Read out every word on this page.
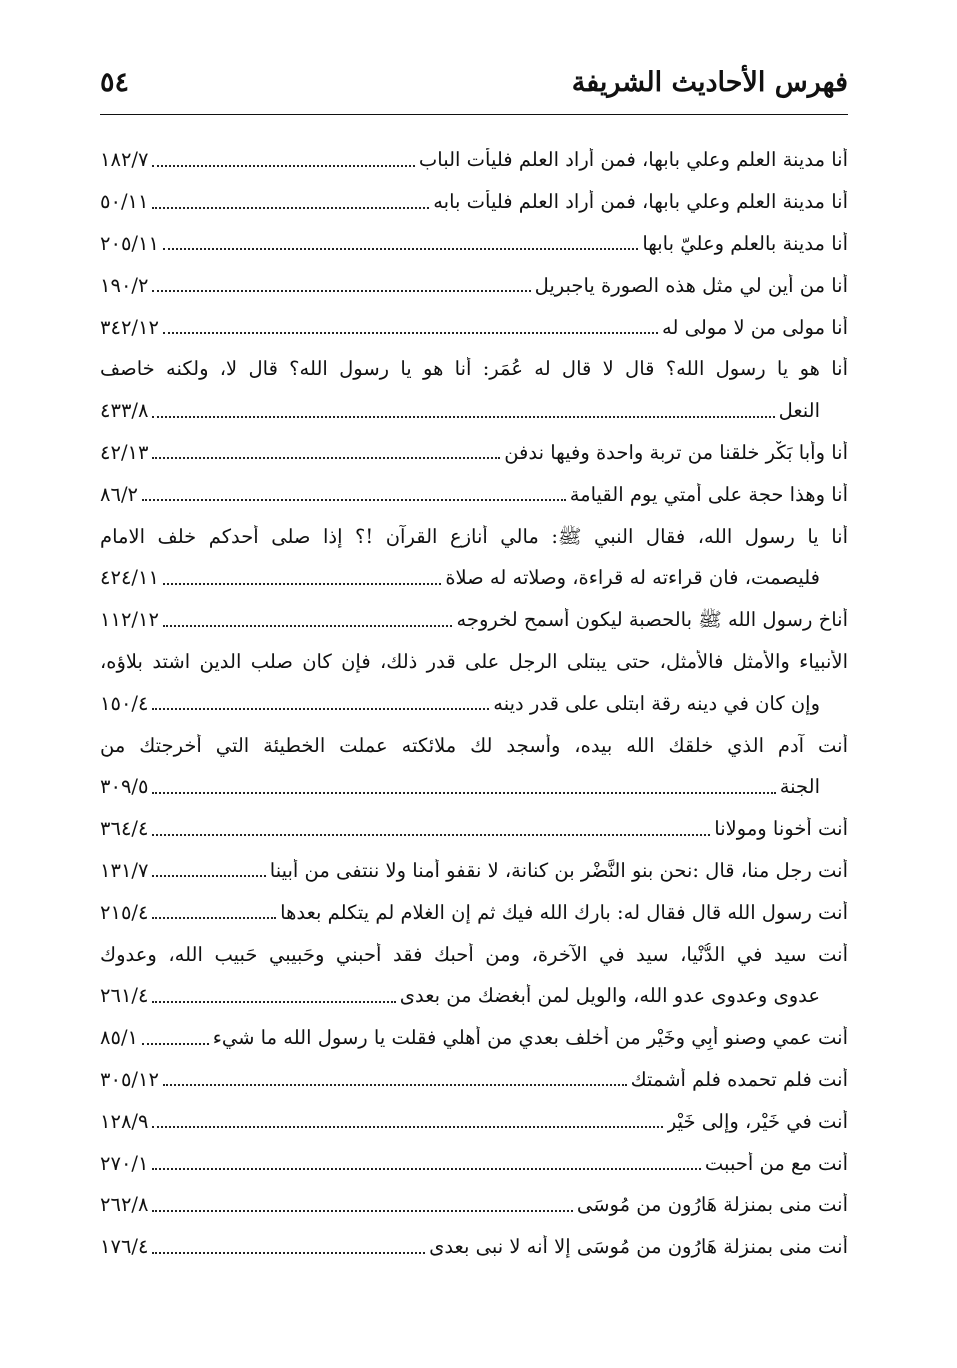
فهرس الأحاديث الشريفة
٥٤
أنا مدينة العلم وعلي بابها، فمن أراد العلم فليأت الباب
١٨٢/٧
أنا مدينة العلم وعلي بابها، فمن أراد العلم فليأت بابه
٥٠/١١
أنا مدينة بالعلم وعليّ بابها
٢٠٥/١١
أنا من أين لي مثل هذه الصورة ياجبريل
١٩٠/٢
أنا مولى من لا مولى له
٣٤٢/١٢
أنا هو يا رسول الله؟ قال لا قال له عُمَر: أنا هو يا رسول الله؟ قال لا، ولكنه خاصف
النعل
٤٣٣/٨
أنا وأبا بَكْر خلقنا من تربة واحدة وفيها ندفن
٤٢/١٣
أنا وهذا حجة على أمتي يوم القيامة
٨٦/٢
أنا يا رسول الله، فقال النبي ﷺ: مالي أنازع القرآن !؟ إذا صلى أحدكم خلف الامام
فليصمت، فان قراءته له قراءة، وصلاته له صلاة
٤٢٤/١١
أناخ رسول الله ﷺ بالحصبة ليكون أسمح لخروجه
١١٢/١٢
الأنبياء والأمثل فالأمثل، حتى يبتلى الرجل على قدر ذلك، فإن كان صلب الدين اشتد بلاؤه،
وإن كان في دينه رقة ابتلى على قدر دينه
١٥٠/٤
أنت آدم الذي خلقك الله بيده، وأسجد لك ملائكته عملت الخطيئة التي أخرجتك من
الجنة
٣٠٩/٥
أنت أخونا ومولانا
٣٦٤/٤
أنت رجل منا، قال :نحن بنو النَّضْر بن كنانة، لا نقفو أمنا ولا ننتفى من أبينا
١٣١/٧
أنت رسول الله قال فقال له: بارك الله فيك ثم إن الغلام لم يتكلم بعدها
٢١٥/٤
أنت سيد في الدُّنْيا، سيد في الآخرة، ومن أحبك فقد أحبني وحَبيبي حَبيب الله، وعدوك
عدوى وعدوى عدو الله، والويل لمن أبغضك من بعدى
٢٦١/٤
أنت عمي وصنو أَبِي وخَيْر من أخلف بعدي من أهلي فقلت يا رسول الله ما شيء
٨٥/١
أنت فلم تحمده فلم أشمتك
٣٠٥/١٢
أنت في خَيْر، وإلى خَيْر
١٢٨/٩
أنت مع من أحببت
٢٧٠/١
أنت منى بمنزلة هَارُون من مُوسَى
٢٦٢/٨
أنت منى بمنزلة هَارُون من مُوسَى إلا أنه لا نبى بعدى
١٧٦/٤
